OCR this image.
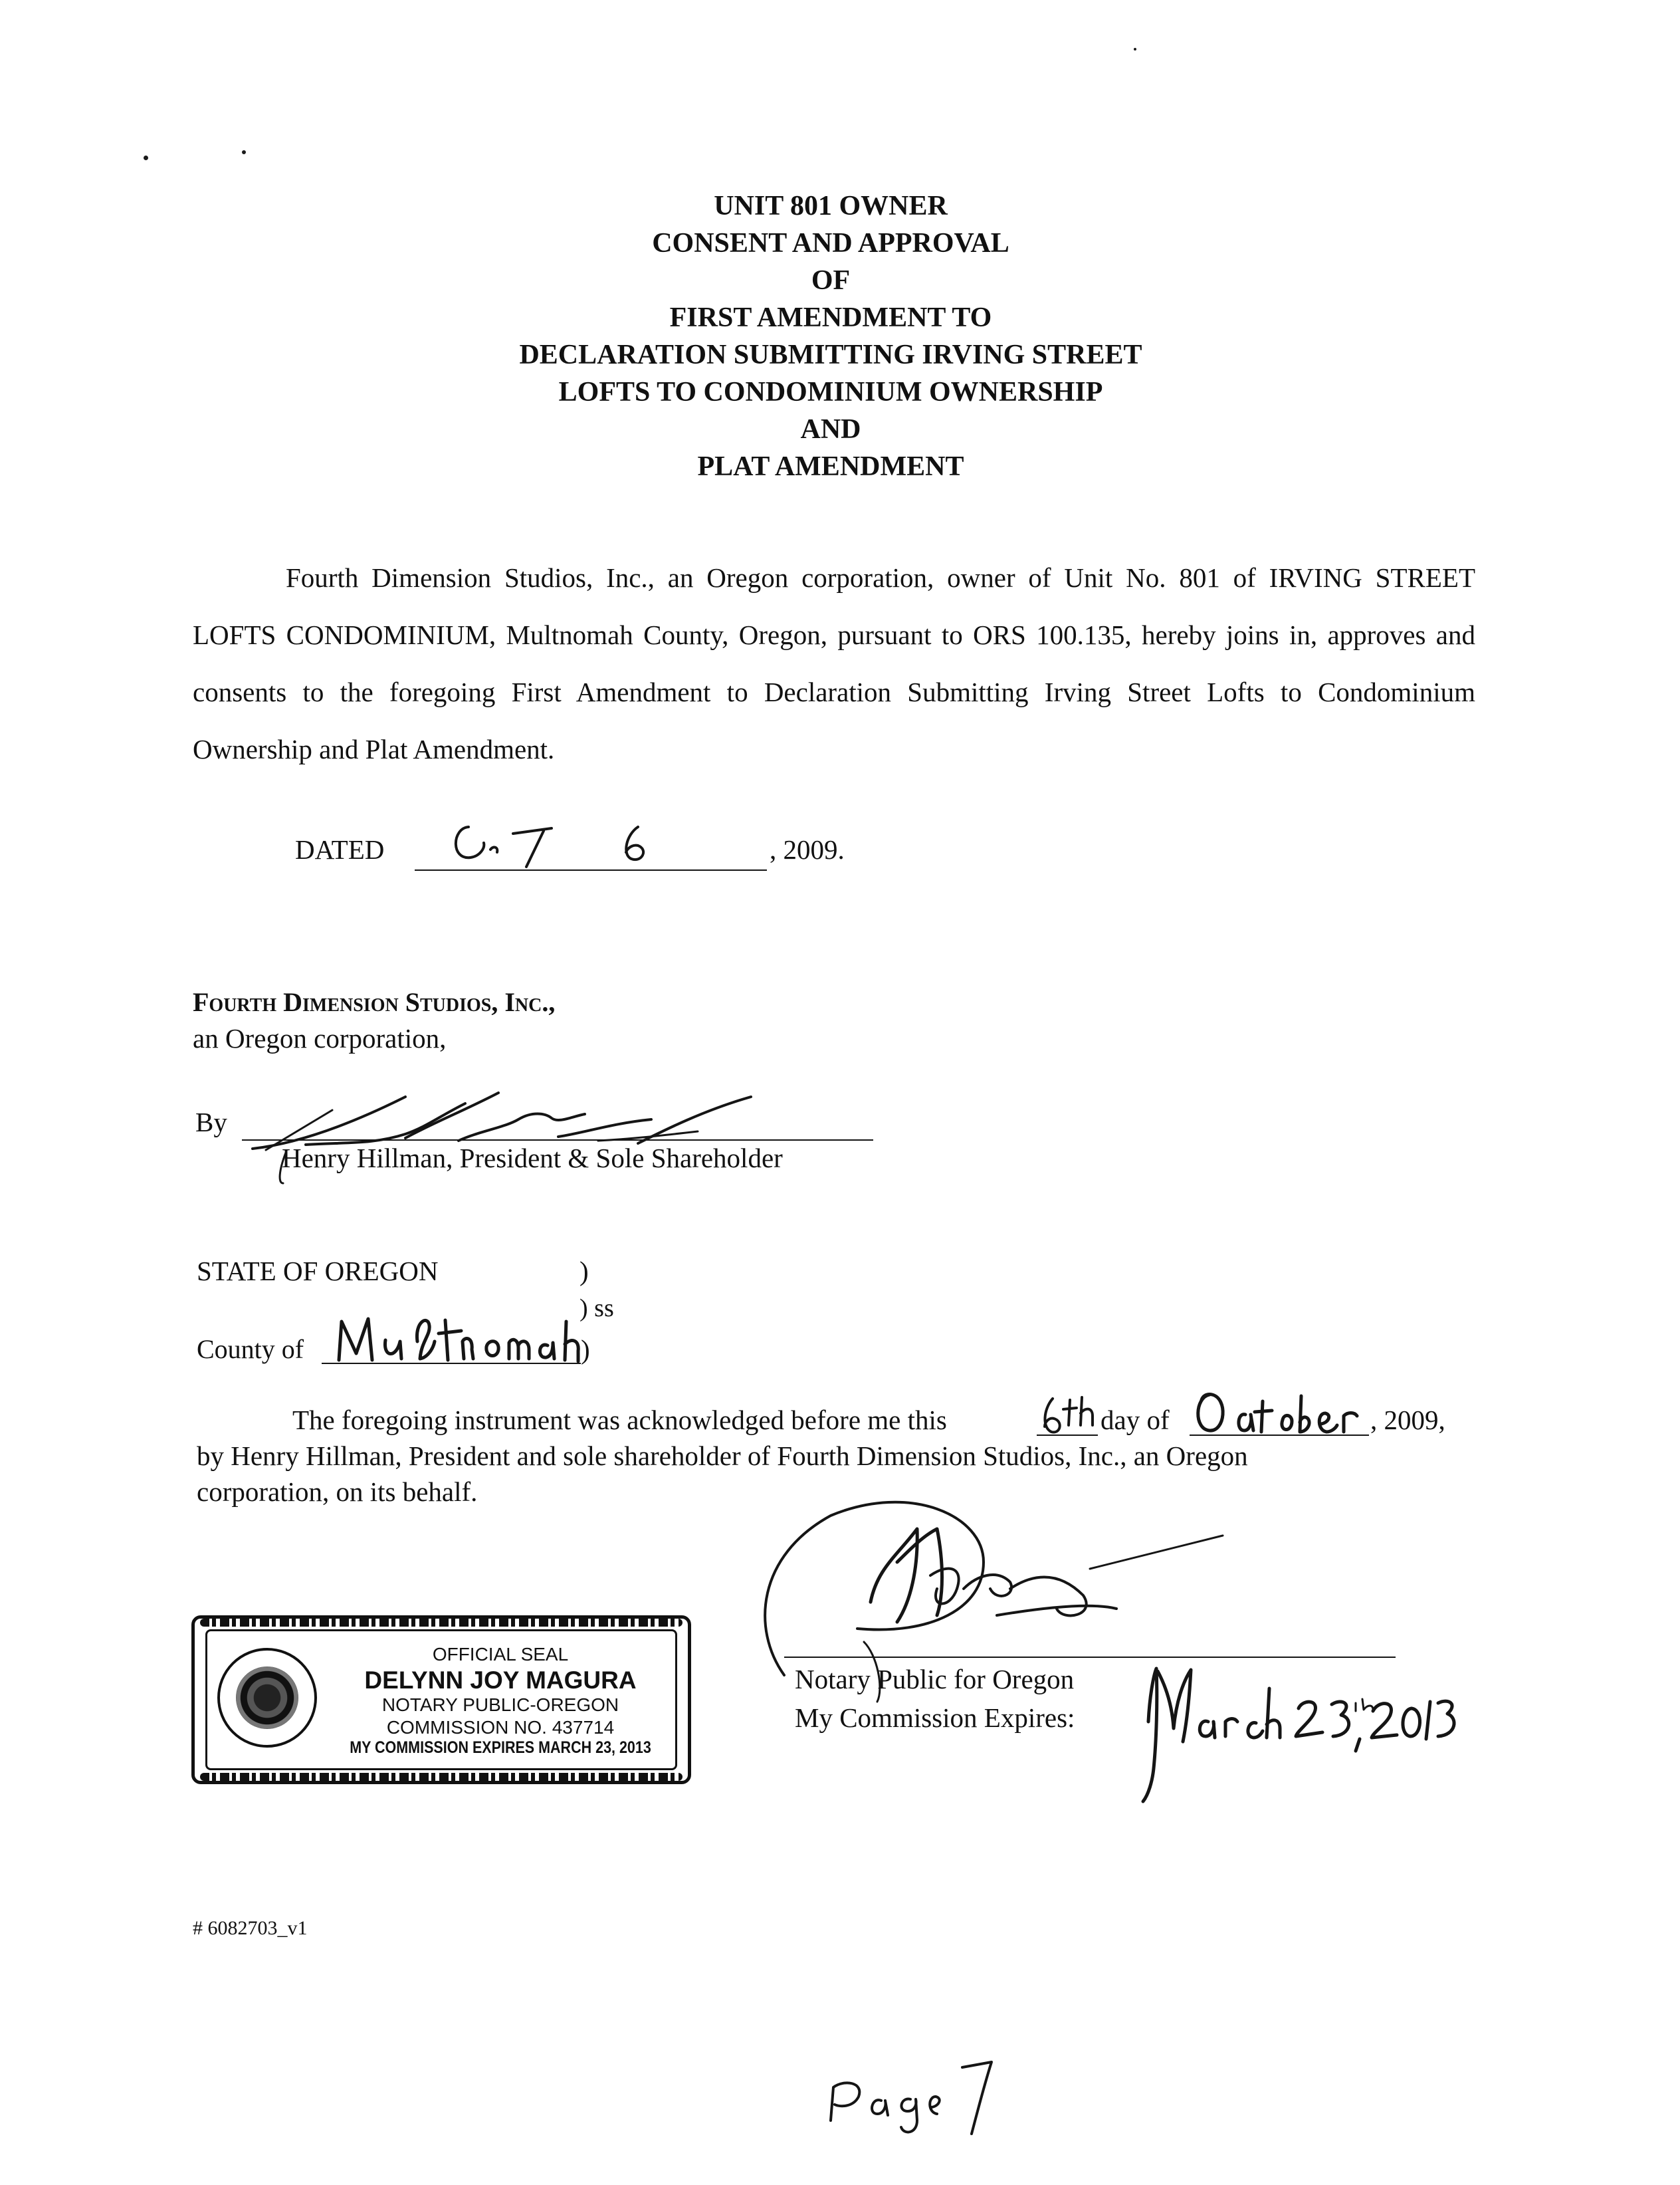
UNIT 801 OWNER
CONSENT AND APPROVAL
OF
FIRST AMENDMENT TO
DECLARATION SUBMITTING IRVING STREET
LOFTS TO CONDOMINIUM OWNERSHIP
AND
PLAT AMENDMENT
Fourth Dimension Studios, Inc., an Oregon corporation, owner of Unit No. 801 of IRVING STREET LOFTS CONDOMINIUM, Multnomah County, Oregon, pursuant to ORS 100.135, hereby joins in, approves and consents to the foregoing First Amendment to Declaration Submitting Irving Street Lofts to Condominium Ownership and Plat Amendment.
DATED	, 2009.
Fourth Dimension Studios, Inc.,
an Oregon corporation,
By
Henry Hillman, President & Sole Shareholder
STATE OF OREGON	)
) ss
County of	)
The foregoing instrument was acknowledged before me this	day of	, 2009,
by Henry Hillman, President and sole shareholder of Fourth Dimension Studios, Inc., an Oregon
corporation, on its behalf.
Notary Public for Oregon
My Commission Expires:
OFFICIAL SEAL
DELYNN JOY MAGURA
NOTARY PUBLIC-OREGON
COMMISSION NO. 437714
MY COMMISSION EXPIRES MARCH 23, 2013
# 6082703_v1
